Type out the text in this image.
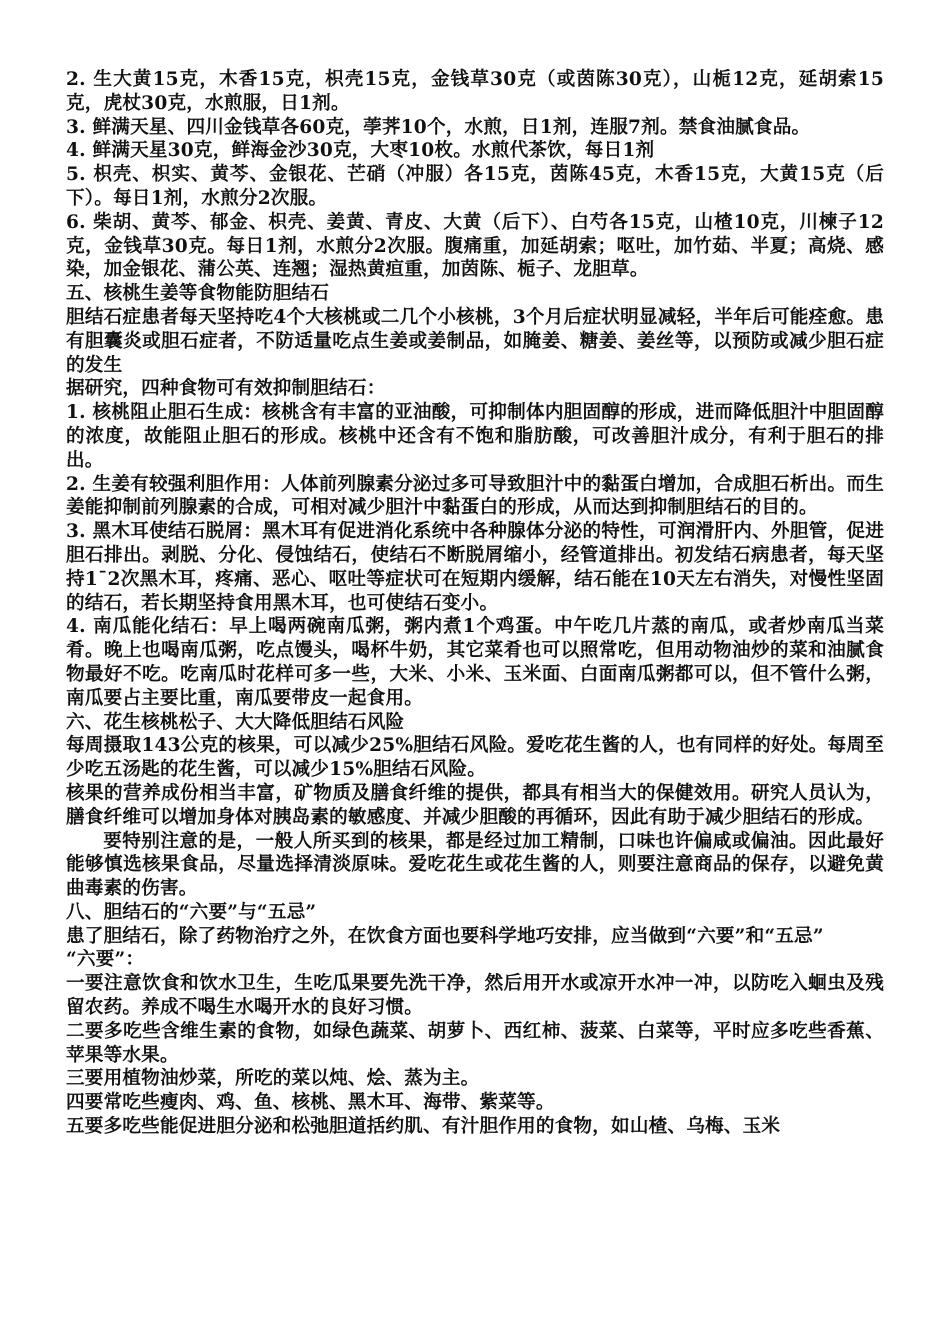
2. 生大黄15克，木香15克，枳壳15克，金钱草30克（或茵陈30克），山栀12克，延胡索15克，虎杖30克，水煎服，日1剂。

3. 鲜满天星、四川金钱草各60克，荸荠10个，水煎，日1剂，连服7剂。禁食油腻食品。

4. 鲜满天星30克，鲜海金沙30克，大枣10枚。水煎代茶饮，每日1剂

5. 枳壳、枳实、黄芩、金银花、芒硝（冲服）各15克，茵陈45克，木香15克，大黄15克（后下）。每日1剂，水煎分2次服。

6. 柴胡、黄芩、郁金、枳壳、姜黄、青皮、大黄（后下）、白芍各15克，山楂10克，川楝子12克，金钱草30克。每日1剂，水煎分2次服。腹痛重，加延胡索；呕吐，加竹茹、半夏；高烧、感染，加金银花、蒲公英、连翘；湿热黄疸重，加茵陈、栀子、龙胆草。

五、核桃生姜等食物能防胆结石

胆结石症患者每天坚持吃4个大核桃或二几个小核桃，3个月后症状明显减轻，半年后可能痊愈。患有胆囊炎或胆石症者，不防适量吃点生姜或姜制品，如腌姜、糖姜、姜丝等，以预防或减少胆石症的发生

据研究，四种食物可有效抑制胆结石：

1. 核桃阻止胆石生成：核桃含有丰富的亚油酸，可抑制体内胆固醇的形成，进而降低胆汁中胆固醇的浓度，故能阻止胆石的形成。核桃中还含有不饱和脂肪酸，可改善胆汁成分，有利于胆石的排出。

2. 生姜有较强利胆作用：人体前列腺素分泌过多可导致胆汁中的黏蛋白增加，合成胆石析出。而生姜能抑制前列腺素的合成，可相对减少胆汁中黏蛋白的形成，从而达到抑制胆结石的目的。

3. 黑木耳使结石脱屑：黑木耳有促进消化系统中各种腺体分泌的特性，可润滑肝内、外胆管，促进胆石排出。剥脱、分化、侵蚀结石，使结石不断脱屑缩小，经管道排出。初发结石病患者，每天坚持1¯2次黑木耳，疼痛、恶心、呕吐等症状可在短期内缓解，结石能在10天左右消失，对慢性坚固的结石，若长期坚持食用黑木耳，也可使结石变小。

4. 南瓜能化结石：早上喝两碗南瓜粥，粥内煮1个鸡蛋。中午吃几片蒸的南瓜，或者炒南瓜当菜肴。晚上也喝南瓜粥，吃点馒头，喝杯牛奶，其它菜肴也可以照常吃，但用动物油炒的菜和油腻食物最好不吃。吃南瓜时花样可多一些，大米、小米、玉米面、白面南瓜粥都可以，但不管什么粥，南瓜要占主要比重，南瓜要带皮一起食用。

六、花生核桃松子、大大降低胆结石风险

每周摄取143公克的核果，可以减少25%胆结石风险。爱吃花生酱的人，也有同样的好处。每周至少吃五汤匙的花生酱，可以减少15%胆结石风险。

核果的营养成份相当丰富，矿物质及膳食纤维的提供，都具有相当大的保健效用。研究人员认为，膳食纤维可以增加身体对胰岛素的敏感度、并减少胆酸的再循环，因此有助于减少胆结石的形成。

要特别注意的是，一般人所买到的核果，都是经过加工精制，口味也许偏咸或偏油。因此最好能够慎选核果食品，尽量选择清淡原味。爱吃花生或花生酱的人，则要注意商品的保存，以避免黄曲毒素的伤害。

八、胆结石的“六要”与“五忌”

患了胆结石，除了药物治疗之外，在饮食方面也要科学地巧安排，应当做到“六要”和“五忌”

“六要”：

一要注意饮食和饮水卫生，生吃瓜果要先洗干净，然后用开水或凉开水冲一冲，以防吃入蛔虫及残留农药。养成不喝生水喝开水的良好习惯。

二要多吃些含维生素的食物，如绿色蔬菜、胡萝卜、西红柿、菠菜、白菜等，平时应多吃些香蕉、苹果等水果。

三要用植物油炒菜，所吃的菜以炖、烩、蒸为主。

四要常吃些瘦肉、鸡、鱼、核桃、黑木耳、海带、紫菜等。

五要多吃些能促进胆分泌和松弛胆道括约肌、有汁胆作用的食物，如山楂、乌梅、玉米
